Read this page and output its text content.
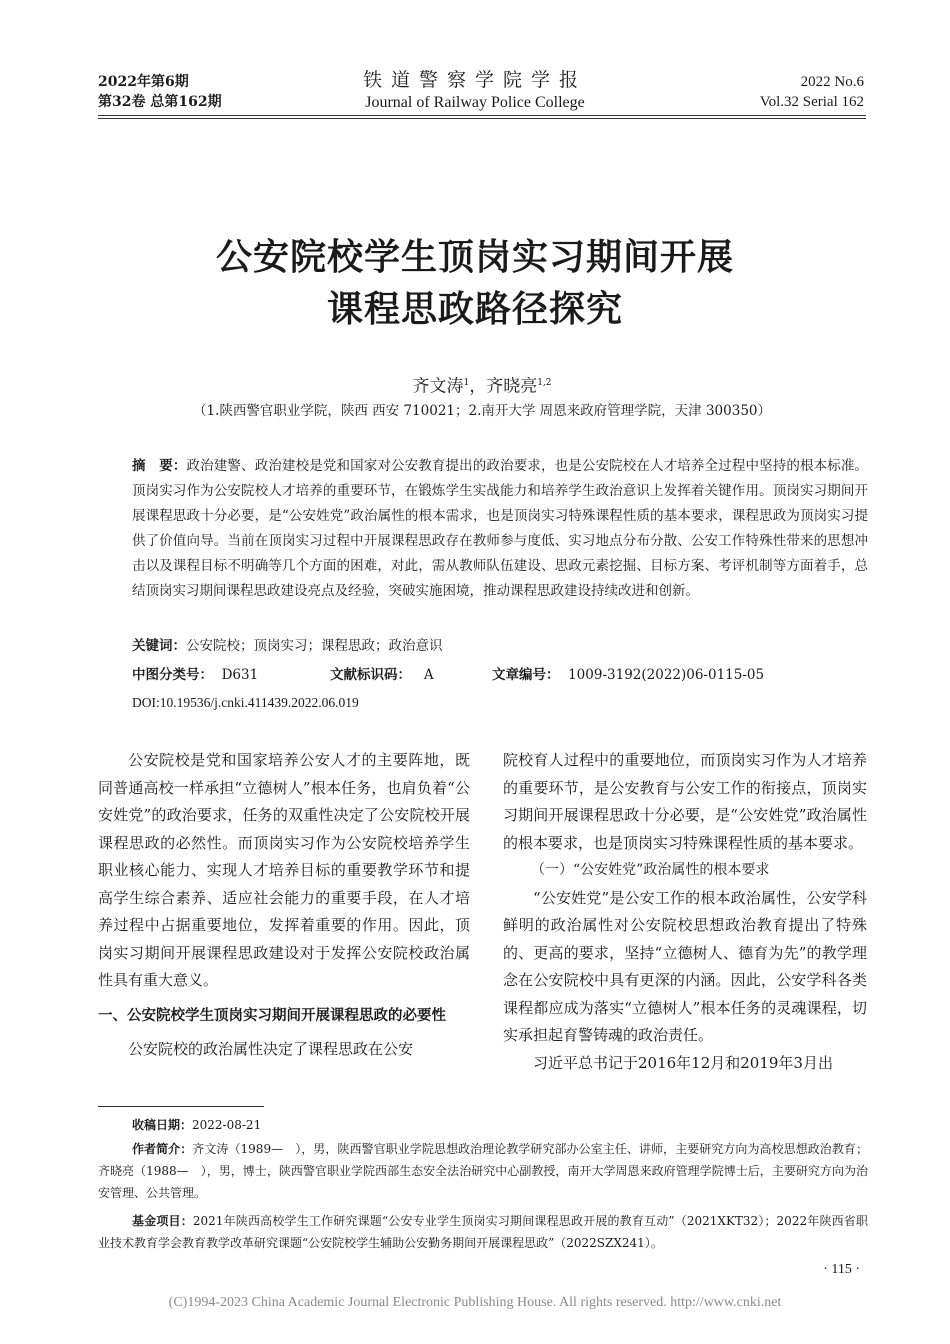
2022年第6期
第32卷 总第162期
铁道警察学院学报
Journal of Railway Police College
2022 No.6
Vol.32 Serial 162
公安院校学生顶岗实习期间开展
课程思政路径探究
齐文涛$^1$，齐晓亮$^{1,2}$
（1.陕西警官职业学院，陕西 西安 710021；2.南开大学 周恩来政府管理学院，天津 300350）
摘　要：政治建警、政治建校是党和国家对公安教育提出的政治要求，也是公安院校在人才培养全过程中坚持的根本标准。顶岗实习作为公安院校人才培养的重要环节，在锻炼学生实战能力和培养学生政治意识上发挥着关键作用。顶岗实习期间开展课程思政十分必要，是“公安姓党”政治属性的根本需求，也是顶岗实习特殊课程性质的基本要求，课程思政为顶岗实习提供了价值向导。当前在顶岗实习过程中开展课程思政存在教师参与度低、实习地点分布分散、公安工作特殊性带来的思想冲击以及课程目标不明确等几个方面的困难，对此，需从教师队伍建设、思政元素挖掘、目标方案、考评机制等方面着手，总结顶岗实习期间课程思政建设亮点及经验，突破实施困境，推动课程思政建设持续改进和创新。
关键词：公安院校；顶岗实习；课程思政；政治意识
中图分类号： D631	文献标识码： A	文章编号： 1009-3192(2022)06-0115-05
DOI:10.19536/j.cnki.411439.2022.06.019

公安院校是党和国家培养公安人才的主要阵地，既同普通高校一样承担“立德树人”根本任务，也肩负着“公安姓党”的政治要求，任务的双重性决定了公安院校开展课程思政的必然性。而顶岗实习作为公安院校培养学生职业核心能力、实现人才培养目标的重要教学环节和提高学生综合素养、适应社会能力的重要手段，在人才培养过程中占据重要地位，发挥着重要的作用。因此，顶岗实习期间开展课程思政建设对于发挥公安院校政治属性具有重大意义。

一、公安院校学生顶岗实习期间开展课程思政的必要性

公安院校的政治属性决定了课程思政在公安

院校育人过程中的重要地位，而顶岗实习作为人才培养的重要环节，是公安教育与公安工作的衔接点，顶岗实习期间开展课程思政十分必要，是“公安姓党”政治属性的根本要求，也是顶岗实习特殊课程性质的基本要求。

（一）“公安姓党”政治属性的根本要求

“公安姓党”是公安工作的根本政治属性，公安学科鲜明的政治属性对公安院校思想政治教育提出了特殊的、更高的要求，坚持“立德树人、德育为先”的教学理念在公安院校中具有更深的内涵。因此，公安学科各类课程都应成为落实“立德树人”根本任务的灵魂课程，切实承担起育警铸魂的政治责任。

习近平总书记于2016年12月和2019年3月出

收稿日期：2022-08-21
作者简介：齐文涛（1989—　），男，陕西警官职业学院思想政治理论教学研究部办公室主任、讲师，主要研究方向为高校思想政治教育；齐晓亮（1988—　），男，博士，陕西警官职业学院西部生态安全法治研究中心副教授，南开大学周恩来政府管理学院博士后，主要研究方向为治安管理、公共管理。
基金项目：2021年陕西高校学生工作研究课题“公安专业学生顶岗实习期间课程思政开展的教育互动”（2021XKT32）；2022年陕西省职业技术教育学会教育教学改革研究课题“公安院校学生辅助公安勤务期间开展课程思政”（2022SZX241）。
· 115 ·
(C)1994-2023 China Academic Journal Electronic Publishing House. All rights reserved. http://www.cnki.net
